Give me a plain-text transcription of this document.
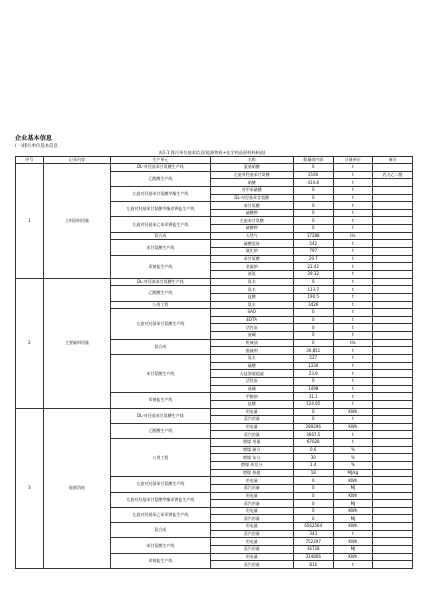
企业基本信息
(一)排污单位基本信息
表1-1 排污单位基本信息(能源物质+化学药品原料药制造)
序号	记录内容	生产单元	名称	数量或内容	计量单位	备注
1	主料原料用量	DL-对羟基苯甘氨酸生产线	氯基硝酸	0	t	
		乙醛酸生产线	左旋对羟基苯甘氨酸	2160	t	乳为乙二醛
			硝酸	414.8	t	
		左旋对羟基苯甘氨酸甲酯生产线	对甲苯磺酸	0	t	
			DL-对羟基苯甘氨酸	0	t	
		左旋对羟基苯甘氨酸甲酯邓钾盐生产线	苯甘氨酸	0	t	
			硫酸钾	0	t	
		左旋对羟基苯乙苯邓钾盐生产线	左旋苯甘氨酸	0	t	
			硫酸钾	0	t	
		氨合成	天然气	17288	t/a	
		苯甘氨酸生产线	硫酸氢铵	542	t	
			氰化钠	797	t	
		邓钠盐生产线	苯甘氨酸	29.7	t	
			金属钠	21.42	t	
			液氨	29.32	t	
2	主要辅料用量	DL-对羟基苯甘氨酸生产线	氨水	0	t	
		乙醛酸生产线	氨水	113.7	t	
			盐酸	190.5	t	
		公用工程	氨水	3426	t	
		左旋对羟基苯甘氨酸生产线	SAO	0	t	
			EDTA	0	t	
			活性炭	0	t	
			液碱	0	t	
		氨合成	机械油	0	t/a	
			脱硫剂	30.851	t	
		苯甘氨酸生产线	氨水	527	t	
			硫酸	1330	t	
			无盐溶液超滤	23.9	t	
			活性炭	0	t	
			液碱	1498	t	
		邓钠盐生产线	甲醇钠	31.1	t	
			盐酸	124.95	t	
3	能源消耗	DL-对羟基苯甘氨酸生产线	用电量	0	KWh	
			蒸汽用量	0	t	
		乙醛酸生产线	用电量	289296	KWh	
			蒸汽用量	3667.5	t	
		公用工程	燃煤 用量	67028	t	
			燃煤 硫分	0.6	%	
			燃煤 灰分	30	%	
			燃煤 挥发分	1.4	%	
			燃煤 热值	18	MJ/kg	
		左旋对羟基苯甘氨酸生产线	用电量	0	KWh	
			蒸汽用量	0	MJ	
		左旋对羟基苯甘氨酸甲酯邓钾盐生产线	用电量	0	KWh	
			蒸汽用量	0	MJ	
		左旋对羟基苯乙苯邓钾盐生产线	用电量	0	KWh	
			蒸汽用量	0	MJ	
		氨合成	用电量	6562564	KWh	
			蒸汽用量	343	t	
		苯甘氨酸生产线	用电量	752297	KWh	
			蒸汽用量	16728	MJ	
		邓钠盐生产线	用电量	314806	KWh	
			蒸汽用量	816	t	
